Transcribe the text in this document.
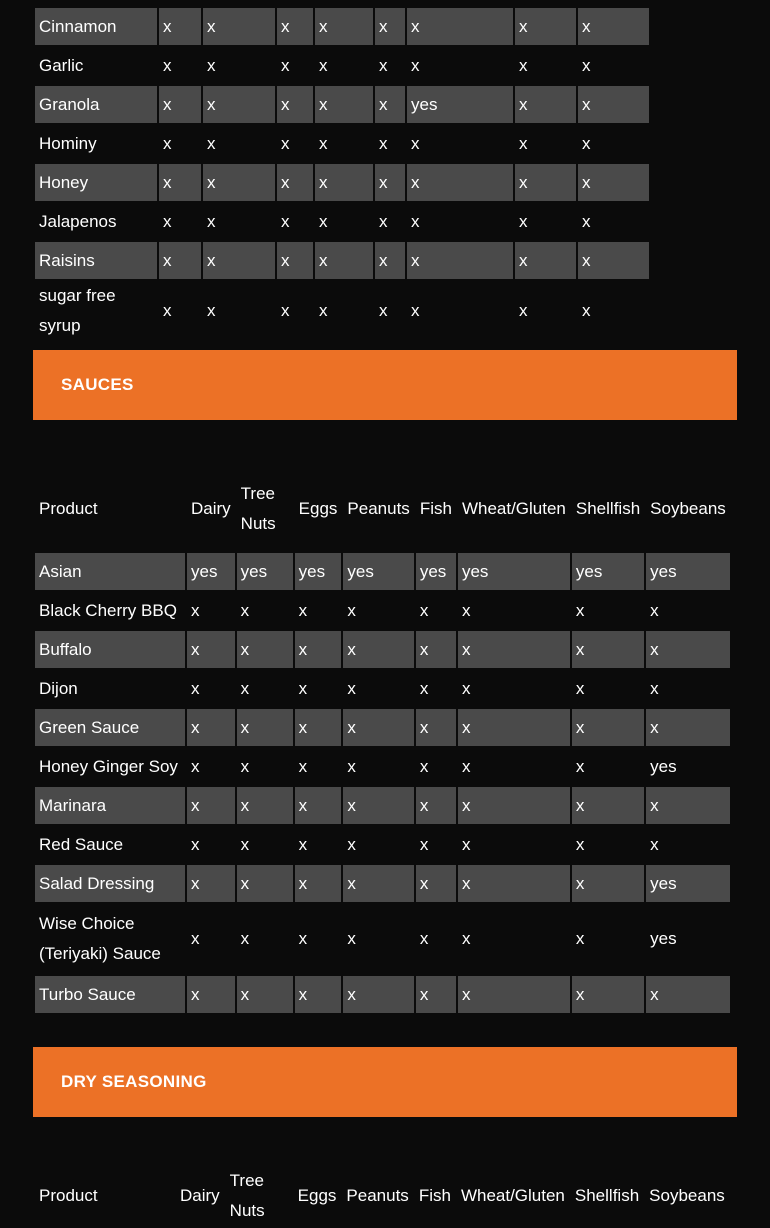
Cinnamon	x	x	x	x	x	x	x	x
Garlic	x	x	x	x	x	x	x	x
Granola	x	x	x	x	x	yes	x	x
Hominy	x	x	x	x	x	x	x	x
Honey	x	x	x	x	x	x	x	x
Jalapenos	x	x	x	x	x	x	x	x
Raisins	x	x	x	x	x	x	x	x
sugar free syrup	x	x	x	x	x	x	x	x
SAUCES
Product	Dairy	Tree Nuts	Eggs	Peanuts	Fish	Wheat/Gluten	Shellfish	Soybeans
Asian	yes	yes	yes	yes	yes	yes	yes	yes
Black Cherry BBQ	x	x	x	x	x	x	x	x
Buffalo	x	x	x	x	x	x	x	x
Dijon	x	x	x	x	x	x	x	x
Green Sauce	x	x	x	x	x	x	x	x
Honey Ginger Soy	x	x	x	x	x	x	x	yes
Marinara	x	x	x	x	x	x	x	x
Red Sauce	x	x	x	x	x	x	x	x
Salad Dressing	x	x	x	x	x	x	x	yes
Wise Choice (Teriyaki) Sauce	x	x	x	x	x	x	x	yes
Turbo Sauce	x	x	x	x	x	x	x	x
DRY SEASONING
Product	Dairy	Tree Nuts	Eggs	Peanuts	Fish	Wheat/Gluten	Shellfish	Soybeans
